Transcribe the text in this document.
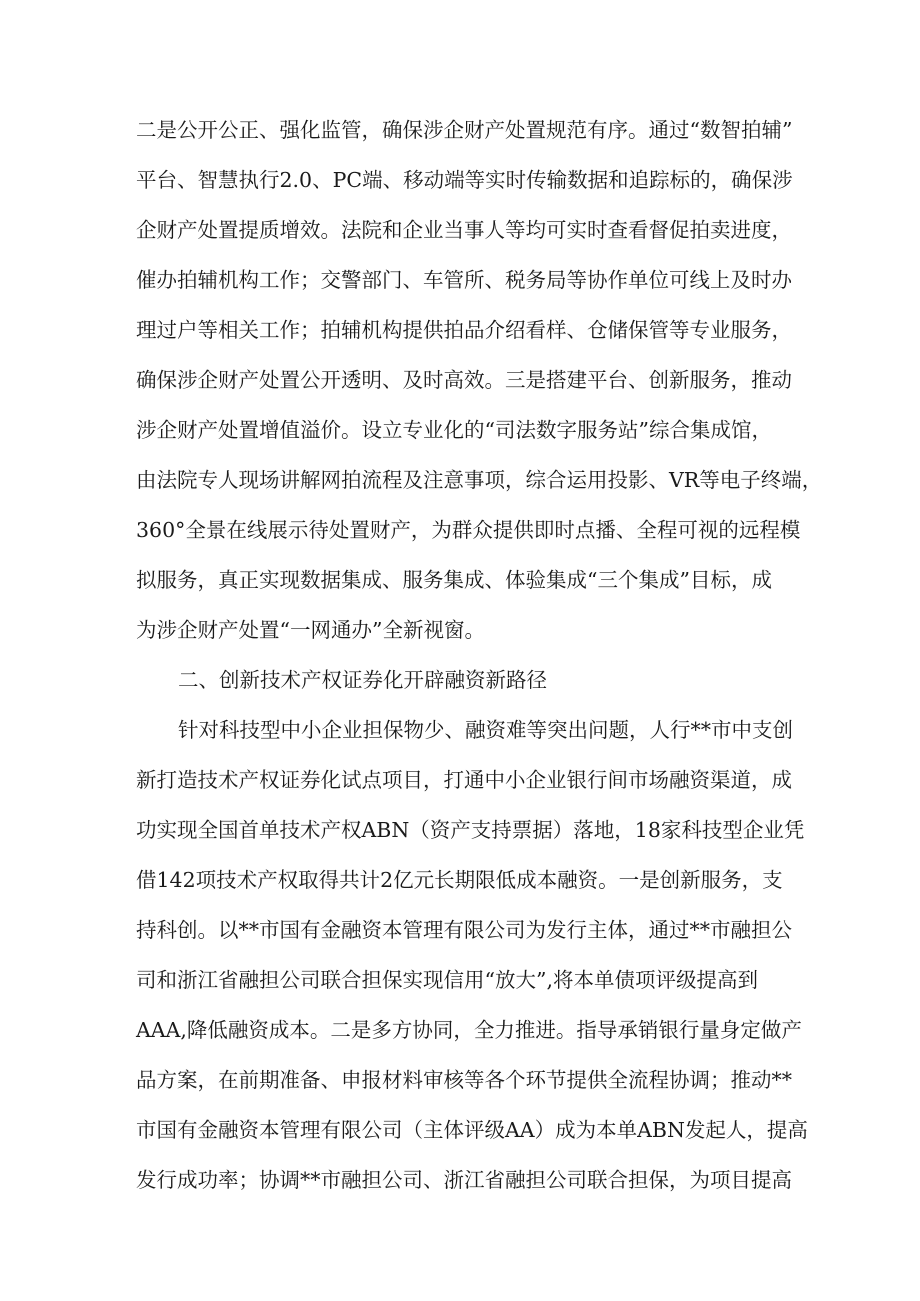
二是公开公正、强化监管，确保涉企财产处置规范有序。通过“数智拍辅”

平台、智慧执行2.0、PC端、移动端等实时传输数据和追踪标的，确保涉

企财产处置提质增效。法院和企业当事人等均可实时查看督促拍卖进度，

催办拍辅机构工作；交警部门、车管所、税务局等协作单位可线上及时办

理过户等相关工作；拍辅机构提供拍品介绍看样、仓储保管等专业服务，

确保涉企财产处置公开透明、及时高效。三是搭建平台、创新服务，推动

涉企财产处置增值溢价。设立专业化的“司法数字服务站”综合集成馆，

由法院专人现场讲解网拍流程及注意事项，综合运用投影、VR等电子终端，

360°全景在线展示待处置财产，为群众提供即时点播、全程可视的远程模

拟服务，真正实现数据集成、服务集成、体验集成“三个集成”目标，成

为涉企财产处置“一网通办”全新视窗。

二、创新技术产权证券化开辟融资新路径

针对科技型中小企业担保物少、融资难等突出问题，人行**市中支创

新打造技术产权证券化试点项目，打通中小企业银行间市场融资渠道，成

功实现全国首单技术产权ABN（资产支持票据）落地，18家科技型企业凭

借142项技术产权取得共计2亿元长期限低成本融资。一是创新服务，支

持科创。以**市国有金融资本管理有限公司为发行主体，通过**市融担公

司和浙江省融担公司联合担保实现信用“放大”,将本单债项评级提高到

AAA,降低融资成本。二是多方协同，全力推进。指导承销银行量身定做产

品方案，在前期准备、申报材料审核等各个环节提供全流程协调；推动**

市国有金融资本管理有限公司（主体评级AA）成为本单ABN发起人，提高

发行成功率；协调**市融担公司、浙江省融担公司联合担保，为项目提高
